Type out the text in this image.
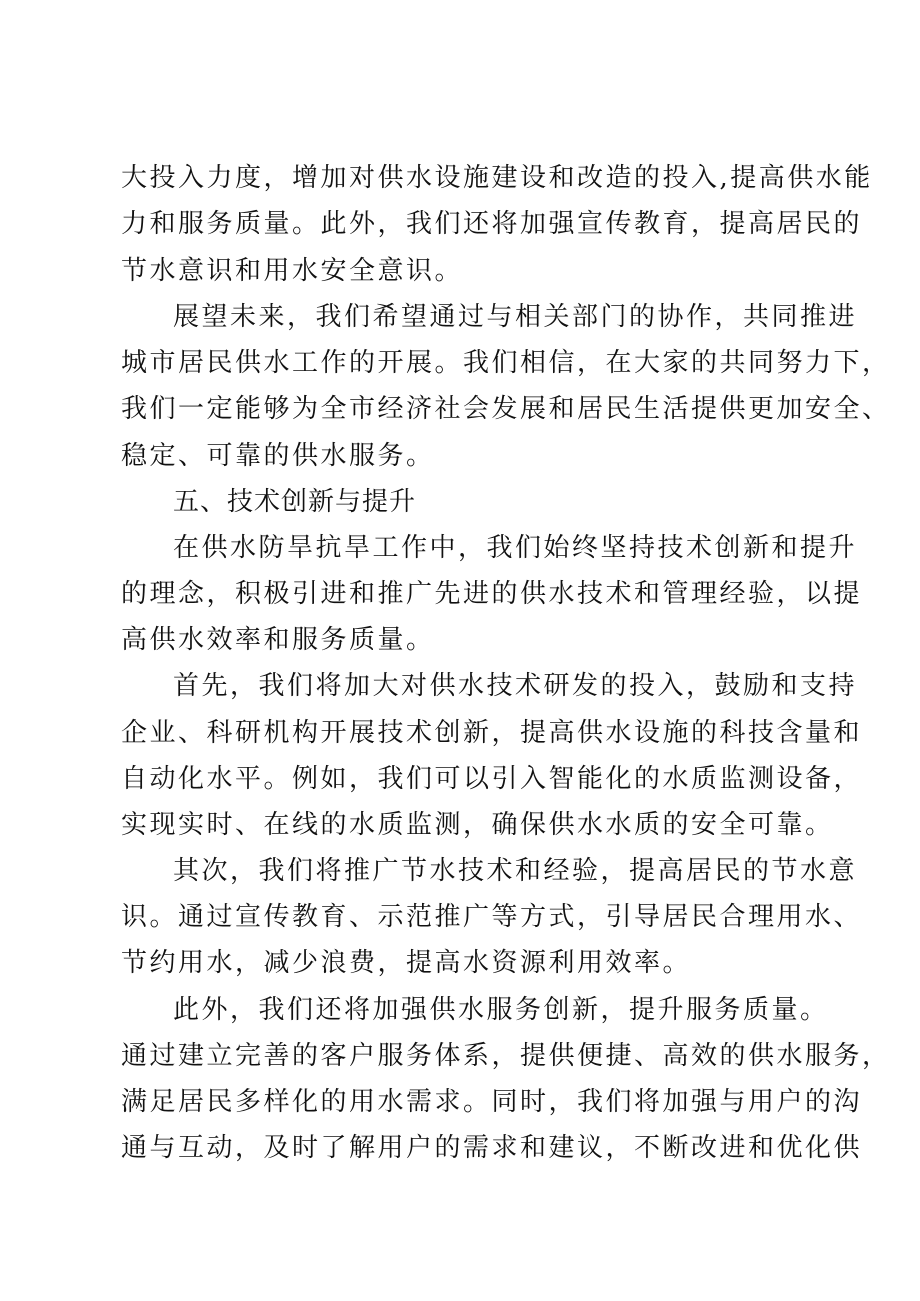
大投入力度，增加对供水设施建设和改造的投入,提高供水能
力和服务质量。此外，我们还将加强宣传教育，提高居民的
节水意识和用水安全意识。
展望未来，我们希望通过与相关部门的协作，共同推进
城市居民供水工作的开展。我们相信，在大家的共同努力下，
我们一定能够为全市经济社会发展和居民生活提供更加安全、
稳定、可靠的供水服务。
五、技术创新与提升
在供水防旱抗旱工作中，我们始终坚持技术创新和提升
的理念，积极引进和推广先进的供水技术和管理经验，以提
高供水效率和服务质量。
首先，我们将加大对供水技术研发的投入，鼓励和支持
企业、科研机构开展技术创新，提高供水设施的科技含量和
自动化水平。例如，我们可以引入智能化的水质监测设备，
实现实时、在线的水质监测，确保供水水质的安全可靠。
其次，我们将推广节水技术和经验，提高居民的节水意
识。通过宣传教育、示范推广等方式，引导居民合理用水、
节约用水，减少浪费，提高水资源利用效率。
此外，我们还将加强供水服务创新，提升服务质量。
通过建立完善的客户服务体系，提供便捷、高效的供水服务，
满足居民多样化的用水需求。同时，我们将加强与用户的沟
通与互动，及时了解用户的需求和建议，不断改进和优化供
